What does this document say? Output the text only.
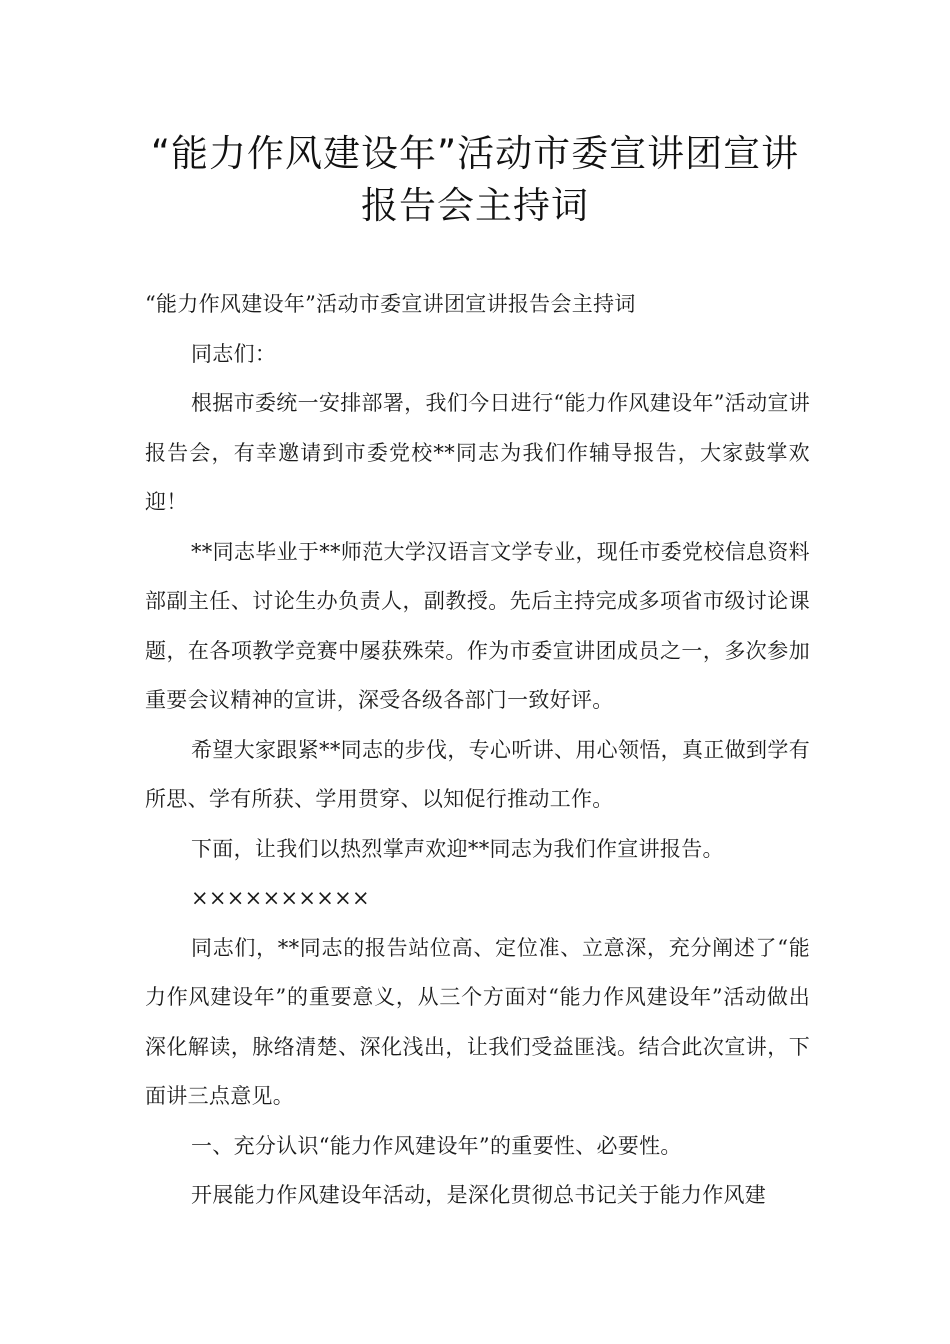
“能力作风建设年”活动市委宣讲团宣讲报告会主持词

“能力作风建设年”活动市委宣讲团宣讲报告会主持词

同志们：

根据市委统一安排部署，我们今日进行“能力作风建设年”活动宣讲报告会，有幸邀请到市委党校**同志为我们作辅导报告，大家鼓掌欢迎！

**同志毕业于**师范大学汉语言文学专业，现任市委党校信息资料部副主任、讨论生办负责人，副教授。先后主持完成多项省市级讨论课题，在各项教学竞赛中屡获殊荣。作为市委宣讲团成员之一，多次参加重要会议精神的宣讲，深受各级各部门一致好评。

希望大家跟紧**同志的步伐，专心听讲、用心领悟，真正做到学有所思、学有所获、学用贯穿、以知促行推动工作。

下面，让我们以热烈掌声欢迎**同志为我们作宣讲报告。

××××××××××

同志们，**同志的报告站位高、定位准、立意深，充分阐述了“能力作风建设年”的重要意义，从三个方面对“能力作风建设年”活动做出深化解读，脉络清楚、深化浅出，让我们受益匪浅。结合此次宣讲，下面讲三点意见。

一、充分认识“能力作风建设年”的重要性、必要性。

开展能力作风建设年活动，是深化贯彻总书记关于能力作风建
